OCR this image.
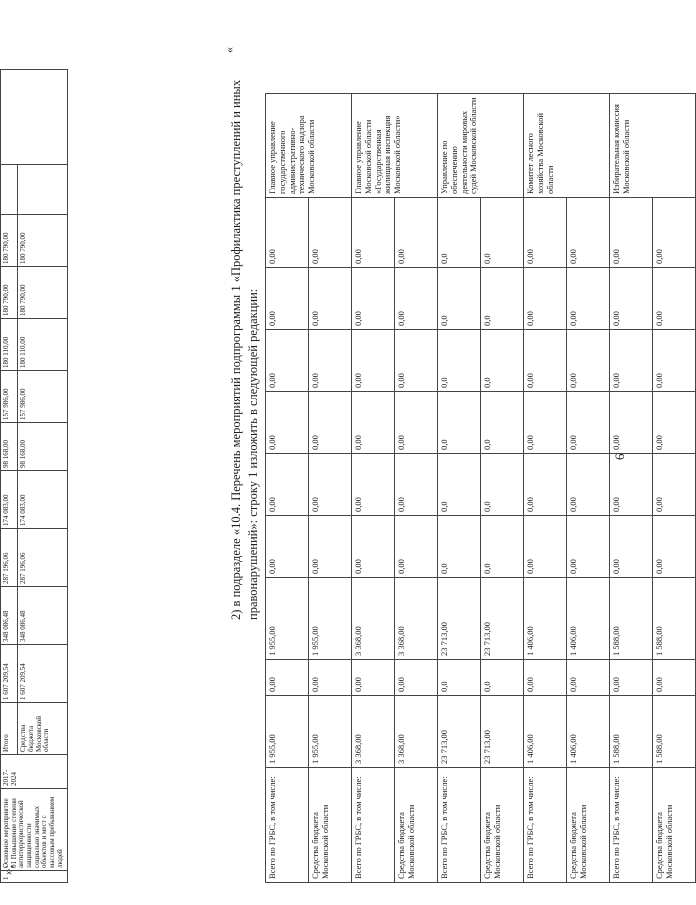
»;
6
Всего по ГРБС, в том числе:	1 955,00	0,00	1 955,00	0,00	0,00	0,00	0,00	0,00	0,00	Главное управление государственного административно-технического надзора Московской области
Средства бюджета Московской области	1 955,00	0,00	1 955,00	0,00	0,00	0,00	0,00	0,00	0,00	
Всего по ГРБС, в том числе:	3 368,00	0,00	3 368,00	0,00	0,00	0,00	0,00	0,00	0,00	Главное управление Московской области «Государственная жилищная инспекция Московской области»
Средства бюджета Московской области	3 368,00	0,00	3 368,00	0,00	0,00	0,00	0,00	0,00	0,00	
Всего по ГРБС, в том числе:	23 713,00	0,0	23 713,00	0,0	0,0	0,0	0,0	0,0	0,0	Управление по обеспечению деятельности мировых судей Московской области
Средства бюджета Московской области	23 713,00	0,0	23 713,00	0,0	0,0	0,0	0,0	0,0	0,0	
Всего по ГРБС, в том числе:	1 406,00	0,00	1 406,00	0,00	0,00	0,00	0,00	0,00	0,00	Комитет лесного хозяйства Московской области
Средства бюджета Московской области	1 406,00	0,00	1 406,00	0,00	0,00	0,00	0,00	0,00	0,00	
Всего по ГРБС, в том числе:	1 588,00	0,00	1 588,00	0,00	0,00	0,00	0,00	0,00	0,00	Избирательная комиссия Московской области
Средства бюджета Московской области	1 588,00	0,00	1 588,00	0,00	0,00	0,00	0,00	0,00	0,00	
«
2) в подразделе «10.4. Перечень мероприятий подпрограммы 1 «Профилактика преступлений и иных правонарушений»: строку 1 изложить в следующей редакции:
1	Основное мероприятие 01 Повышение степени антитеррористической защищенности социально значимых объектов и мест с массовым пребыванием людей	2017-2024	Итого	1 607 209,54	348 086,48	287 196,06	174 083,00	98 168,00	157 986,00	180 110,00	180 790,00	180 790,00		
			Средства бюджета Московской области	1 607 209,54	348 086,48	287 196,06	174 083,00	98 168,00	157 986,00	180 110,00	180 790,00	180 790,00		
